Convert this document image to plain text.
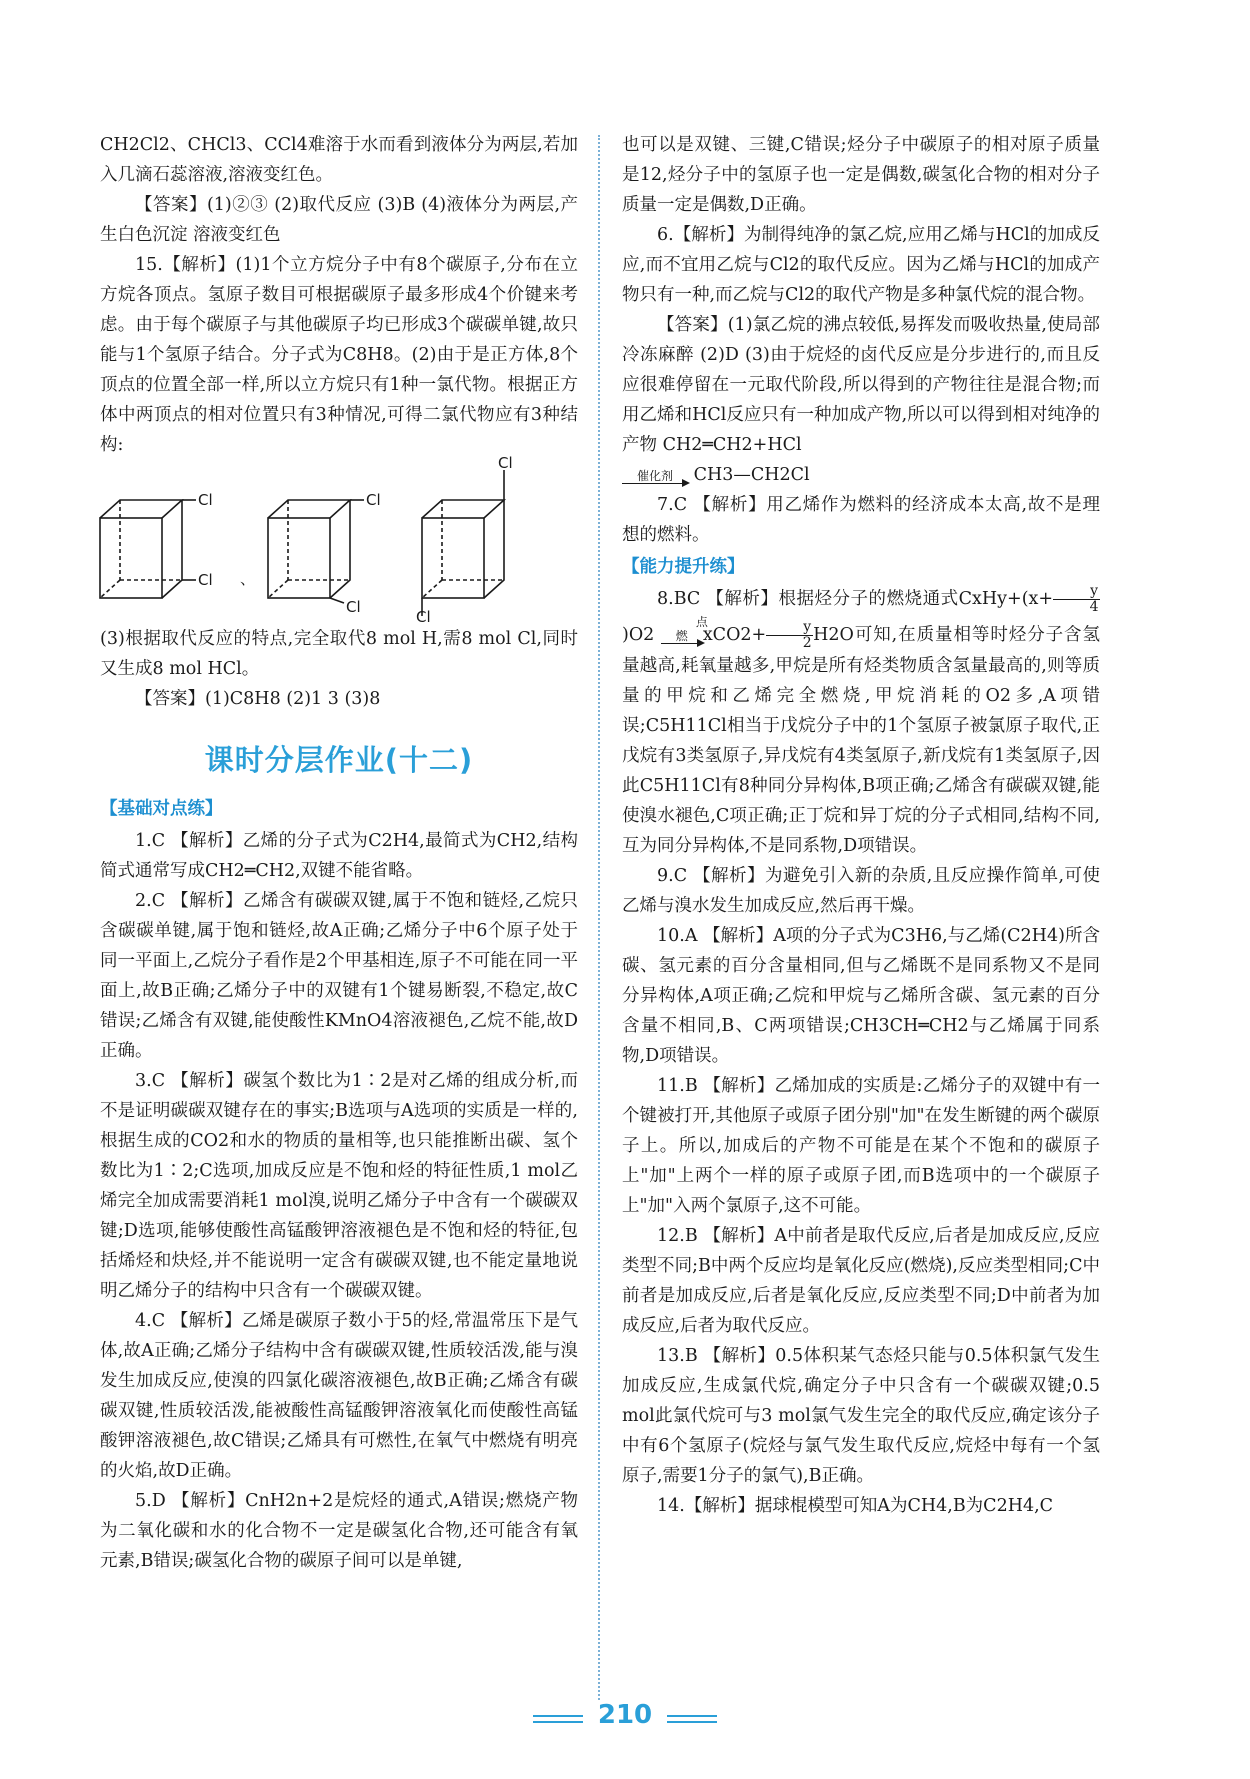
CH2Cl2、CHCl3、CCl4难溶于水而看到液体分为两层,若加入几滴石蕊溶液,溶液变红色。

【答案】(1)②③ (2)取代反应 (3)B (4)液体分为两层,产生白色沉淀 溶液变红色

15.【解析】(1)1个立方烷分子中有8个碳原子,分布在立方烷各顶点。氢原子数目可根据碳原子最多形成4个价键来考虑。由于每个碳原子与其他碳原子均已形成3个碳碳单键,故只能与1个氢原子结合。分子式为C8H8。(2)由于是正方体,8个顶点的位置全部一样,所以立方烷只有1种一氯代物。根据正方体中两顶点的相对位置只有3种情况,可得二氯代物应有3种结构:

Cl
Cl
Cl
Cl
Cl
Cl
、

(3)根据取代反应的特点,完全取代8 mol H,需8 mol Cl,同时又生成8 mol HCl。

【答案】(1)C8H8 (2)1 3 (3)8

课时分层作业(十二)
【基础对点练】

1.C 【解析】乙烯的分子式为C2H4,最简式为CH2,结构简式通常写成CH2═CH2,双键不能省略。

2.C 【解析】乙烯含有碳碳双键,属于不饱和链烃,乙烷只含碳碳单键,属于饱和链烃,故A正确;乙烯分子中6个原子处于同一平面上,乙烷分子看作是2个甲基相连,原子不可能在同一平面上,故B正确;乙烯分子中的双键有1个键易断裂,不稳定,故C错误;乙烯含有双键,能使酸性KMnO4溶液褪色,乙烷不能,故D正确。

3.C 【解析】碳氢个数比为1∶2是对乙烯的组成分析,而不是证明碳碳双键存在的事实;B选项与A选项的实质是一样的,根据生成的CO2和水的物质的量相等,也只能推断出碳、氢个数比为1∶2;C选项,加成反应是不饱和烃的特征性质,1 mol乙烯完全加成需要消耗1 mol溴,说明乙烯分子中含有一个碳碳双键;D选项,能够使酸性高锰酸钾溶液褪色是不饱和烃的特征,包括烯烃和炔烃,并不能说明一定含有碳碳双键,也不能定量地说明乙烯分子的结构中只含有一个碳碳双键。

4.C 【解析】乙烯是碳原子数小于5的烃,常温常压下是气体,故A正确;乙烯分子结构中含有碳碳双键,性质较活泼,能与溴发生加成反应,使溴的四氯化碳溶液褪色,故B正确;乙烯含有碳碳双键,性质较活泼,能被酸性高锰酸钾溶液氧化而使酸性高锰酸钾溶液褪色,故C错误;乙烯具有可燃性,在氧气中燃烧有明亮的火焰,故D正确。

5.D 【解析】CnH2n+2是烷烃的通式,A错误;燃烧产物为二氧化碳和水的化合物不一定是碳氢化合物,还可能含有氧元素,B错误;碳氢化合物的碳原子间可以是单键,

也可以是双键、三键,C错误;烃分子中碳原子的相对原子质量是12,烃分子中的氢原子也一定是偶数,碳氢化合物的相对分子质量一定是偶数,D正确。

6.【解析】为制得纯净的氯乙烷,应用乙烯与HCl的加成反应,而不宜用乙烷与Cl2的取代反应。因为乙烯与HCl的加成产物只有一种,而乙烷与Cl2的取代产物是多种氯代烷的混合物。

【答案】(1)氯乙烷的沸点较低,易挥发而吸收热量,使局部冷冻麻醉 (2)D (3)由于烷烃的卤代反应是分步进行的,而且反应很难停留在一元取代阶段,所以得到的产物往往是混合物;而用乙烯和HCl反应只有一种加成产物,所以可以得到相对纯净的产物 CH2═CH2+HCl

催化剂	CH3—CH2Cl

7.C 【解析】用乙烯作为燃料的经济成本太高,故不是理想的燃料。

【能力提升练】

8.BC 【解析】根据烃分子的燃烧通式CxHy+(x+ $\frac{y}{4}$
)O2
点燃 $xCO2+ \frac{y}{2} H2O$可知,在质量相等时烃分子含氢量越高,耗氧量越多,甲烷是所有烃类物质含氢量最高的,则等质量的甲烷和乙烯完全燃烧,甲烷消耗的O2多,A项错误;C5H11Cl相当于戊烷分子中的1个氢原子被氯原子取代,正戊烷有3类氢原子,异戊烷有4类氢原子,新戊烷有1类氢原子,因此C5H11Cl有8种同分异构体,B项正确;乙烯含有碳碳双键,能使溴水褪色,C项正确;正丁烷和异丁烷的分子式相同,结构不同,互为同分异构体,不是同系物,D项错误。

9.C 【解析】为避免引入新的杂质,且反应操作简单,可使乙烯与溴水发生加成反应,然后再干燥。

10.A 【解析】A项的分子式为C3H6,与乙烯(C2H4)所含碳、氢元素的百分含量相同,但与乙烯既不是同系物又不是同分异构体,A项正确;乙烷和甲烷与乙烯所含碳、氢元素的百分含量不相同,B、C两项错误;CH3CH═CH2与乙烯属于同系物,D项错误。

11.B 【解析】乙烯加成的实质是:乙烯分子的双键中有一个键被打开,其他原子或原子团分别"加"在发生断键的两个碳原子上。所以,加成后的产物不可能是在某个不饱和的碳原子上"加"上两个一样的原子或原子团,而B选项中的一个碳原子上"加"入两个氯原子,这不可能。

12.B 【解析】A中前者是取代反应,后者是加成反应,反应类型不同;B中两个反应均是氧化反应(燃烧),反应类型相同;C中前者是加成反应,后者是氧化反应,反应类型不同;D中前者为加成反应,后者为取代反应。

13.B 【解析】0.5体积某气态烃只能与0.5体积氯气发生加成反应,生成氯代烷,确定分子中只含有一个碳碳双键;0.5 mol此氯代烷可与3 mol氯气发生完全的取代反应,确定该分子中有6个氢原子(烷烃与氯气发生取代反应,烷烃中每有一个氢原子,需要1分子的氯气),B正确。

14.【解析】据球棍模型可知A为CH4,B为C2H4,C

210
